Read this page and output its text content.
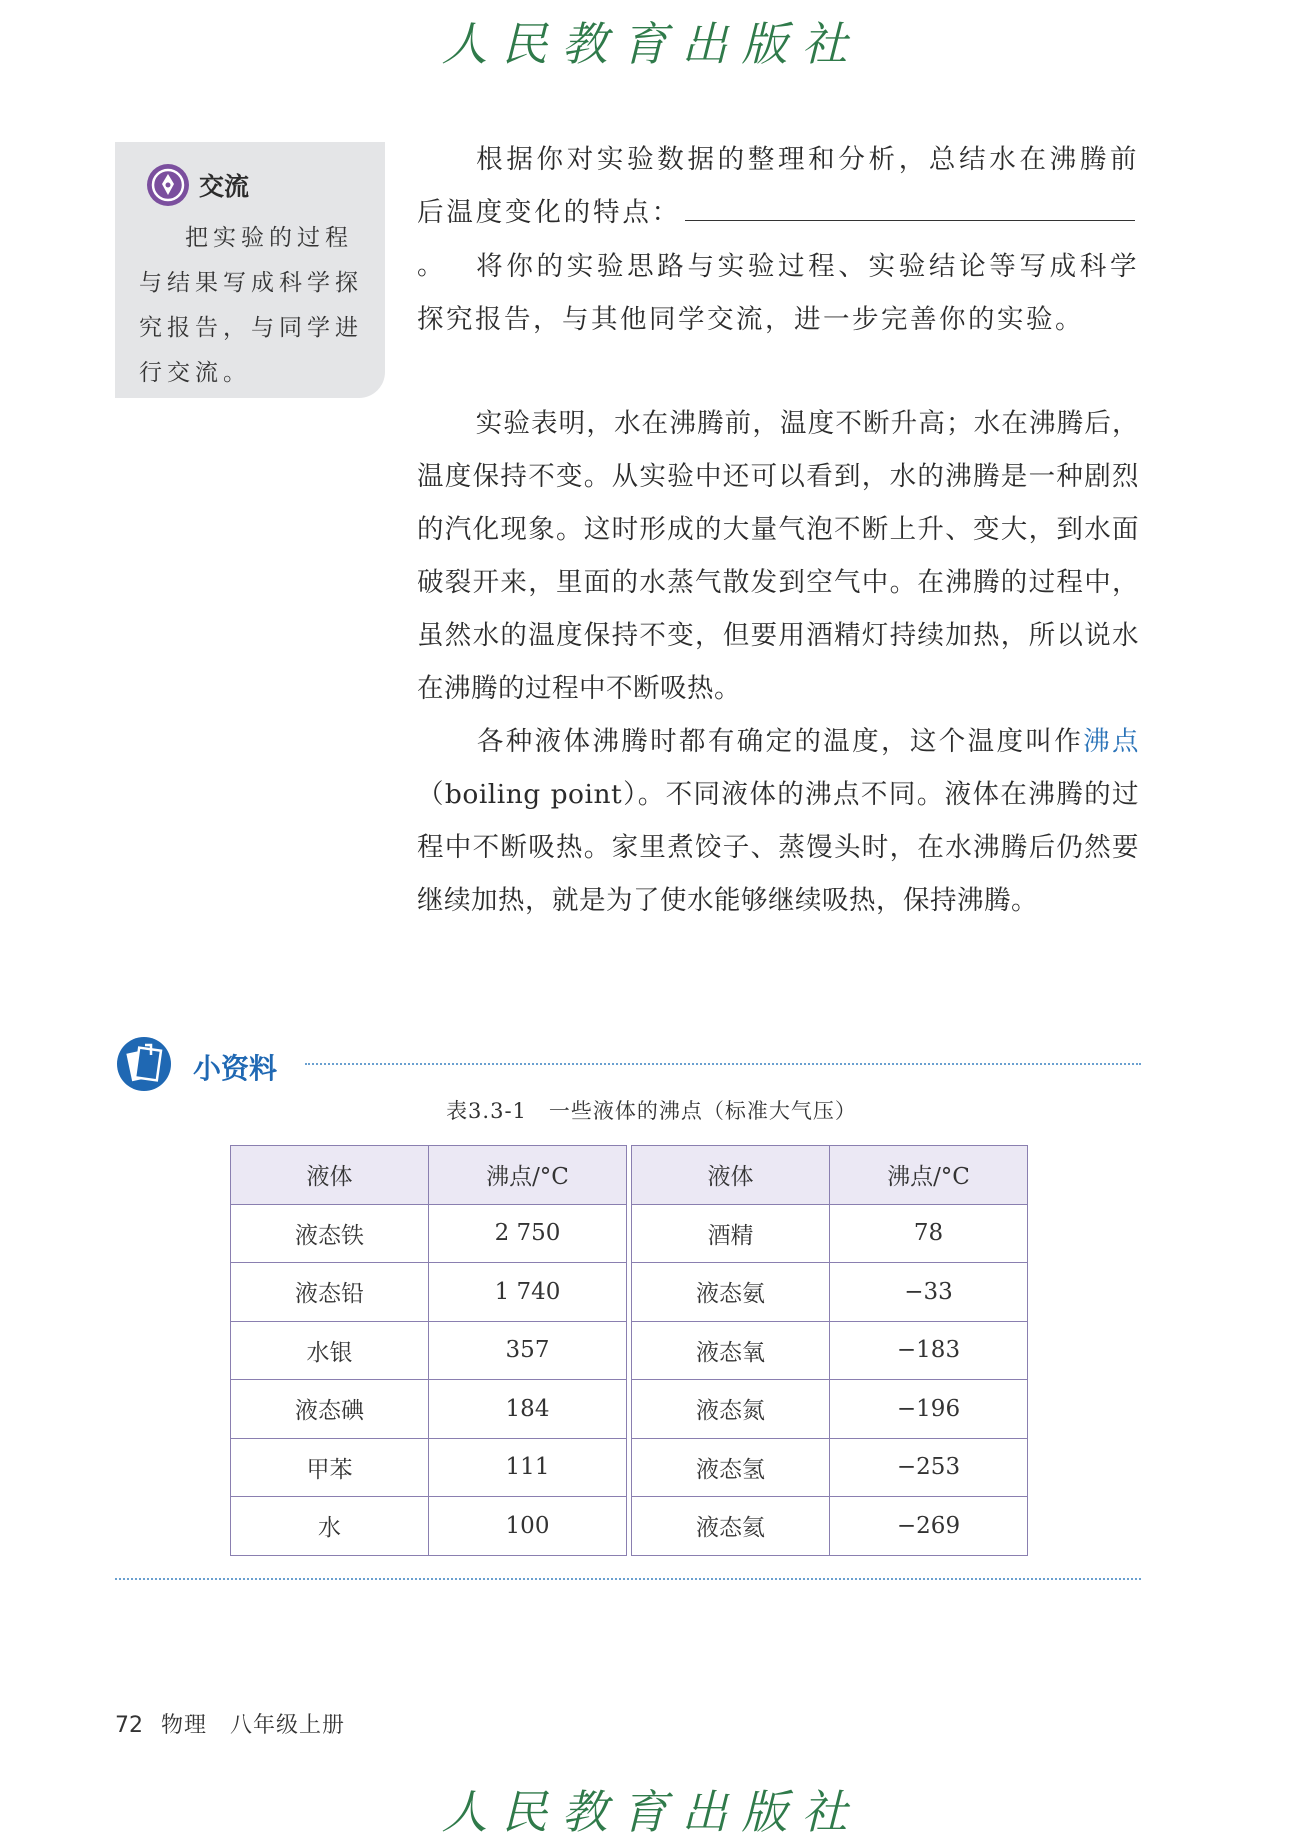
人民教育出版社
交流
把实验的过程与结果写成科学探究报告，与同学进行交流。
根据你对实验数据的整理和分析，总结水在沸腾前后温度变化的特点：。	将你的实验思路与实验过程、实验结论等写成科学探究报告，与其他同学交流，进一步完善你的实验。
实验表明，水在沸腾前，温度不断升高；水在沸腾后，温度保持不变。从实验中还可以看到，水的沸腾是一种剧烈的汽化现象。这时形成的大量气泡不断上升、变大，到水面破裂开来，里面的水蒸气散发到空气中。在沸腾的过程中，虽然水的温度保持不变，但要用酒精灯持续加热，所以说水在沸腾的过程中不断吸热。
各种液体沸腾时都有确定的温度，这个温度叫作沸点（boiling point）。不同液体的沸点不同。液体在沸腾的过程中不断吸热。家里煮饺子、蒸馒头时，在水沸腾后仍然要继续加热，就是为了使水能够继续吸热，保持沸腾。
小资料
表3.3-1　一些液体的沸点（标准大气压）
液体	沸点/°C		液体	沸点/°C
液态铁	2 750		酒精	78
液态铅	1 740		液态氨	−33
水银	357		液态氧	−183
液态碘	184		液态氮	−196
甲苯	111		液态氢	−253
水	100		液态氦	−269
72 物理　八年级上册
人民教育出版社
